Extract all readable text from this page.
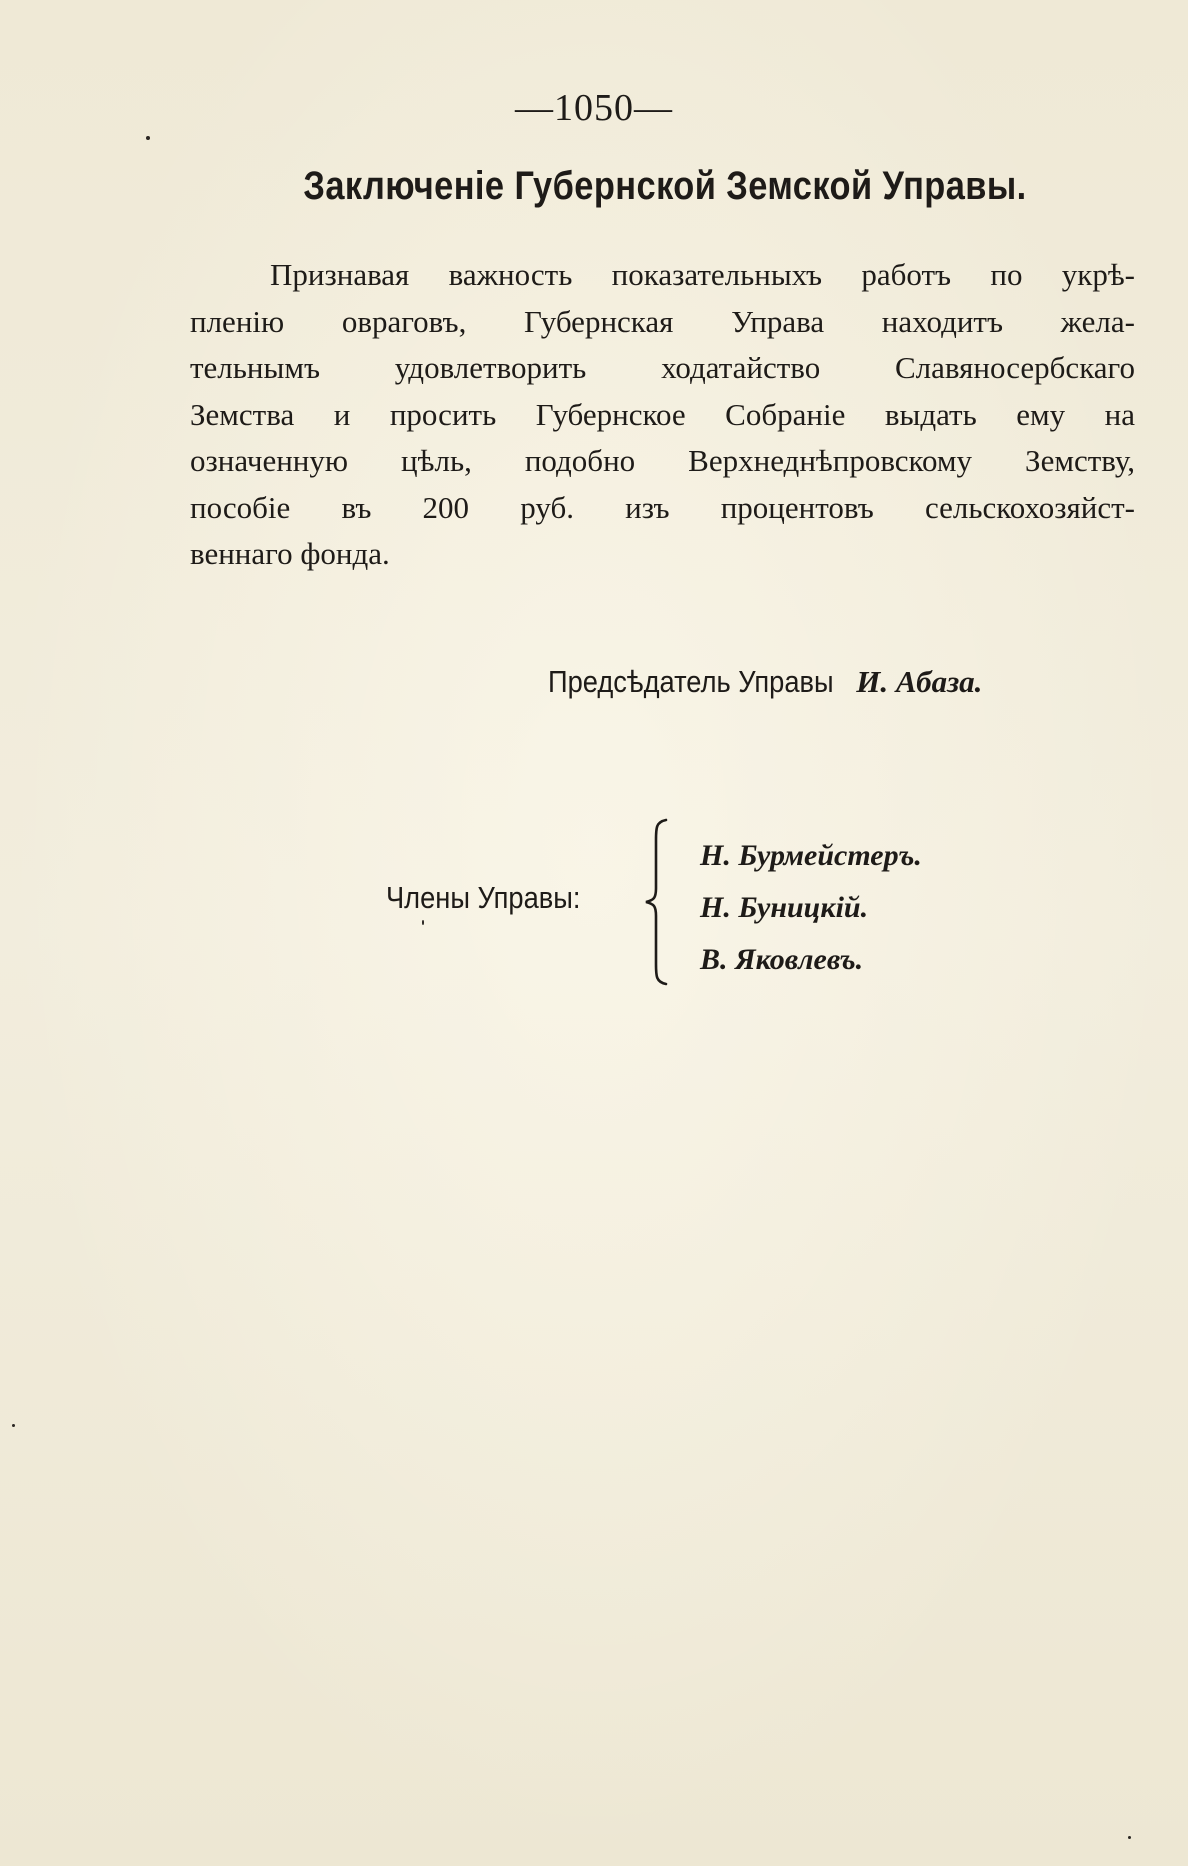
—1050—
Заключеніе Губернской Земской Управы.
Признавая важность показательныхъ работъ по укрѣ-
пленію овраговъ, Губернская Управа находитъ жела-
тельнымъ удовлетворить ходатайство Славяносербскаго
Земства и просить Губернское Собраніе выдать ему на
означенную цѣль, подобно Верхнеднѣпровскому Земству,
пособіе въ 200 руб. изъ процентовъ сельскохозяйст-
веннаго фонда.
Предсѣдатель Управы И. Абаза.
Члены Управы:
Н. Бурмейстеръ.
Н. Буницкій.
В. Яковлевъ.
